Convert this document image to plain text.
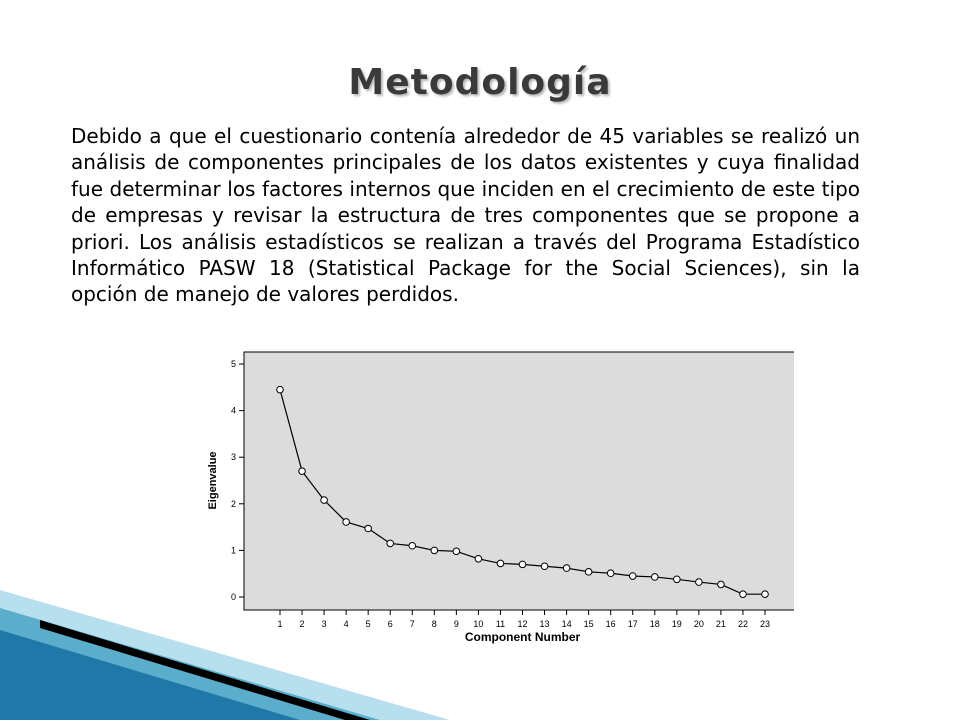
Metodología

Debido a que el cuestionario contenía alrededor de 45 variables se realizó un análisis de componentes principales de los datos existentes y cuya finalidad fue determinar los factores internos que inciden en el crecimiento de este tipo de empresas y revisar la estructura de tres componentes que se propone a priori. Los análisis estadísticos se realizan a través del Programa Estadístico Informático PASW 18 (Statistical Package for the Social Sciences), sin la opción de manejo de valores perdidos.

0
1
2
3
4
5
1 2 3 4 5 6 7 8 9 10 11 12 13 14 15 16 17 18 19 20 21 22 23
Eigenvalue
Component Number
